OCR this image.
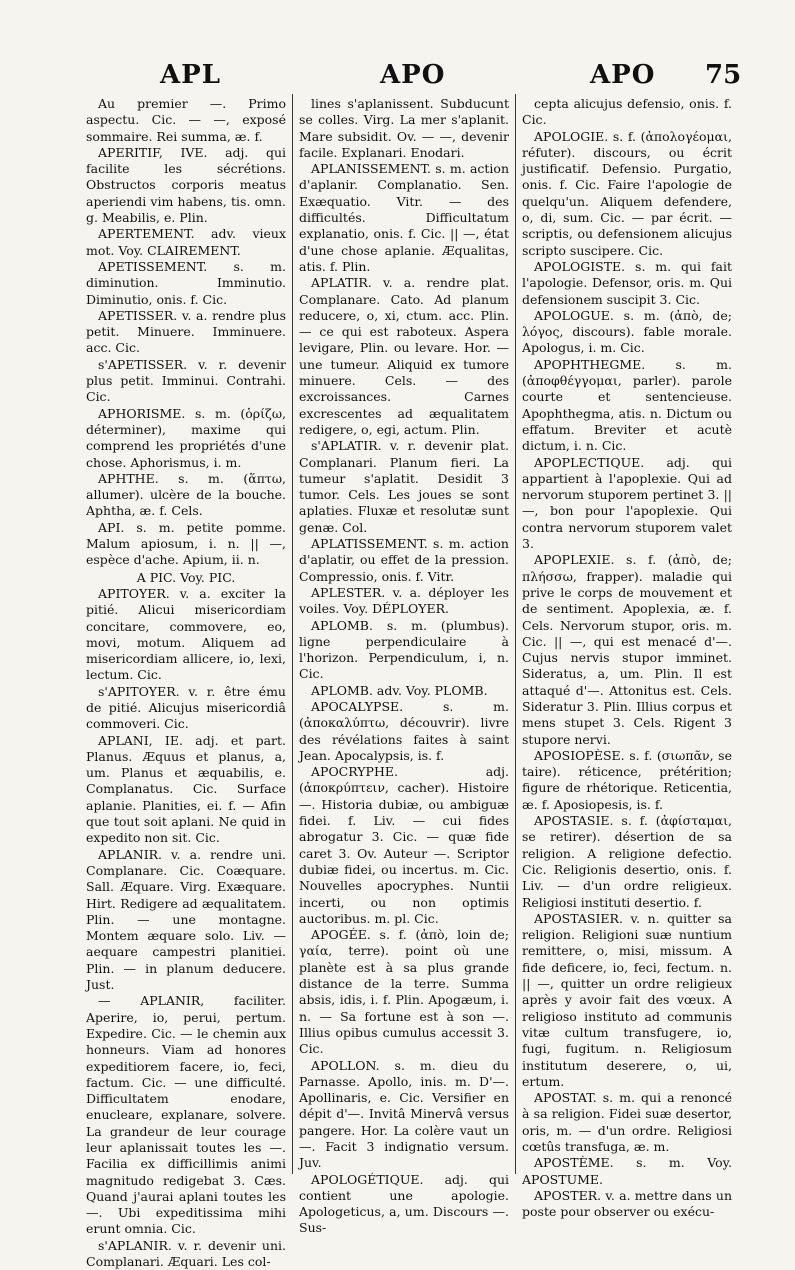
APL	APO	APO 75

Au premier —. Primo aspectu. Cic. — —, exposé sommaire. Rei summa, æ. f.

APERITIF, IVE. adj. qui facilite les sécrétions. Obstructos corporis meatus aperiendi vim habens, tis. omn. g. Meabilis, e. Plin.

APERTEMENT. adv. vieux mot. Voy. CLAIREMENT.

APETISSEMENT. s. m. diminution. Imminutio. Diminutio, onis. f. Cic.

APETISSER. v. a. rendre plus petit. Minuere. Imminuere. acc. Cic.

s'APETISSER. v. r. devenir plus petit. Imminui. Contrahi. Cic.

APHORISME. s. m. (ὁρίζω, déterminer), maxime qui comprend les propriétés d'une chose. Aphorismus, i. m.

APHTHE. s. m. (ἅπτω, allumer). ulcère de la bouche. Aphtha, æ. f. Cels.

API. s. m. petite pomme. Malum apiosum, i. n. || —, espèce d'ache. Apium, ii. n.

A PIC. Voy. PIC.

APITOYER. v. a. exciter la pitié. Alicui misericordiam concitare, commovere, eo, movi, motum. Aliquem ad misericordiam allicere, io, lexi, lectum. Cic.

s'APITOYER. v. r. être ému de pitié. Alicujus misericordiâ commoveri. Cic.

APLANI, IE. adj. et part. Planus. Æquus et planus, a, um. Planus et æquabilis, e. Complanatus. Cic. Surface aplanie. Planities, ei. f. — Afin que tout soit aplani. Ne quid in expedito non sit. Cic.

APLANIR. v. a. rendre uni. Complanare. Cic. Coæquare. Sall. Æquare. Virg. Exæquare. Hirt. Redigere ad æqualitatem. Plin. — une montagne. Montem æquare solo. Liv. — aequare campestri planitiei. Plin. — in planum deducere. Just.

— APLANIR, faciliter. Aperire, io, perui, pertum. Expedire. Cic. — le chemin aux honneurs. Viam ad honores expeditiorem facere, io, feci, factum. Cic. — une difficulté. Difficultatem enodare, enucleare, explanare, solvere. La grandeur de leur courage leur aplanissait toutes les —. Facilia ex difficillimis animi magnitudo redigebat 3. Cæs. Quand j'aurai aplani toutes les —. Ubi expeditissima mihi erunt omnia. Cic.

s'APLANIR. v. r. devenir uni. Complanari. Æquari. Les col-

lines s'aplanissent. Subducunt se colles. Virg. La mer s'aplanit. Mare subsidit. Ov. — —, devenir facile. Explanari. Enodari.

APLANISSEMENT. s. m. action d'aplanir. Complanatio. Sen. Exæquatio. Vitr. — des difficultés. Difficultatum explanatio, onis. f. Cic. || —, état d'une chose aplanie. Æqualitas, atis. f. Plin.

APLATIR. v. a. rendre plat. Complanare. Cato. Ad planum reducere, o, xi, ctum. acc. Plin. — ce qui est raboteux. Aspera levigare, Plin. ou levare. Hor. — une tumeur. Aliquid ex tumore minuere. Cels. — des excroissances. Carnes excrescentes ad æqualitatem redigere, o, egi, actum. Plin.

s'APLATIR. v. r. devenir plat. Complanari. Planum fieri. La tumeur s'aplatit. Desidit 3 tumor. Cels. Les joues se sont aplaties. Fluxæ et resolutæ sunt genæ. Col.

APLATISSEMENT. s. m. action d'aplatir, ou effet de la pression. Compressio, onis. f. Vitr.

APLESTER. v. a. déployer les voiles. Voy. DÉPLOYER.

APLOMB. s. m. (plumbus). ligne perpendiculaire à l'horizon. Perpendiculum, i, n. Cic.

APLOMB. adv. Voy. PLOMB.

APOCALYPSE. s. m. (ἀποκαλύπτω, découvrir). livre des révélations faites à saint Jean. Apocalypsis, is. f.

APOCRYPHE. adj. (ἀποκρύπτειν, cacher). Histoire —. Historia dubiæ, ou ambiguæ fidei. f. Liv. — cui fides abrogatur 3. Cic. — quæ fide caret 3. Ov. Auteur —. Scriptor dubiæ fidei, ou incertus. m. Cic. Nouvelles apocryphes. Nuntii incerti, ou non optimis auctoribus. m. pl. Cic.

APOGÉE. s. f. (ἀπὸ, loin de; γαία, terre). point où une planète est à sa plus grande distance de la terre. Summa absis, idis, i. f. Plin. Apogæum, i. n. — Sa fortune est à son —. Illius opibus cumulus accessit 3. Cic.

APOLLON. s. m. dieu du Parnasse. Apollo, inis. m. D'—. Apollinaris, e. Cic. Versifier en dépit d'—. Invitâ Minervâ versus pangere. Hor. La colère vaut un —. Facit 3 indignatio versum. Juv.

APOLOGÉTIQUE. adj. qui contient une apologie. Apologeticus, a, um. Discours —. Sus-

cepta alicujus defensio, onis. f. Cic.

APOLOGIE. s. f. (ἀπολογέομαι, réfuter). discours, ou écrit justificatif. Defensio. Purgatio, onis. f. Cic. Faire l'apologie de quelqu'un. Aliquem defendere, o, di, sum. Cic. — par écrit. — scriptis, ou defensionem alicujus scripto suscipere. Cic.

APOLOGISTE. s. m. qui fait l'apologie. Defensor, oris. m. Qui defensionem suscipit 3. Cic.

APOLOGUE. s. m. (ἀπὸ, de; λόγος, discours). fable morale. Apologus, i. m. Cic.

APOPHTHEGME. s. m. (ἀποφθέγγομαι, parler). parole courte et sentencieuse. Apophthegma, atis. n. Dictum ou effatum. Breviter et acutè dictum, i. n. Cic.

APOPLECTIQUE. adj. qui appartient à l'apoplexie. Qui ad nervorum stuporem pertinet 3. || —, bon pour l'apoplexie. Qui contra nervorum stuporem valet 3.

APOPLEXIE. s. f. (ἀπὸ, de; πλήσσω, frapper). maladie qui prive le corps de mouvement et de sentiment. Apoplexia, æ. f. Cels. Nervorum stupor, oris. m. Cic. || —, qui est menacé d'—. Cujus nervis stupor imminet. Sideratus, a, um. Plin. Il est attaqué d'—. Attonitus est. Cels. Sideratur 3. Plin. Illius corpus et mens stupet 3. Cels. Rigent 3 stupore nervi.

APOSIOPÈSE. s. f. (σιωπᾶν, se taire). réticence, prétérition; figure de rhétorique. Reticentia, æ. f. Aposiopesis, is. f.

APOSTASIE. s. f. (ἀφίσταμαι, se retirer). désertion de sa religion. A religione defectio. Cic. Religionis desertio, onis. f. Liv. — d'un ordre religieux. Religiosi instituti desertio. f.

APOSTASIER. v. n. quitter sa religion. Religioni suæ nuntium remittere, o, misi, missum. A fide deficere, io, feci, fectum. n. || —, quitter un ordre religieux après y avoir fait des vœux. A religioso instituto ad communis vitæ cultum transfugere, io, fugi, fugitum. n. Religiosum institutum deserere, o, ui, ertum.

APOSTAT. s. m. qui a renoncé à sa religion. Fidei suæ desertor, oris, m. — d'un ordre. Religiosi cœtûs transfuga, æ. m.

APOSTÈME. s. m. Voy. APOSTUME.

APOSTER. v. a. mettre dans un poste pour observer ou exécu-
